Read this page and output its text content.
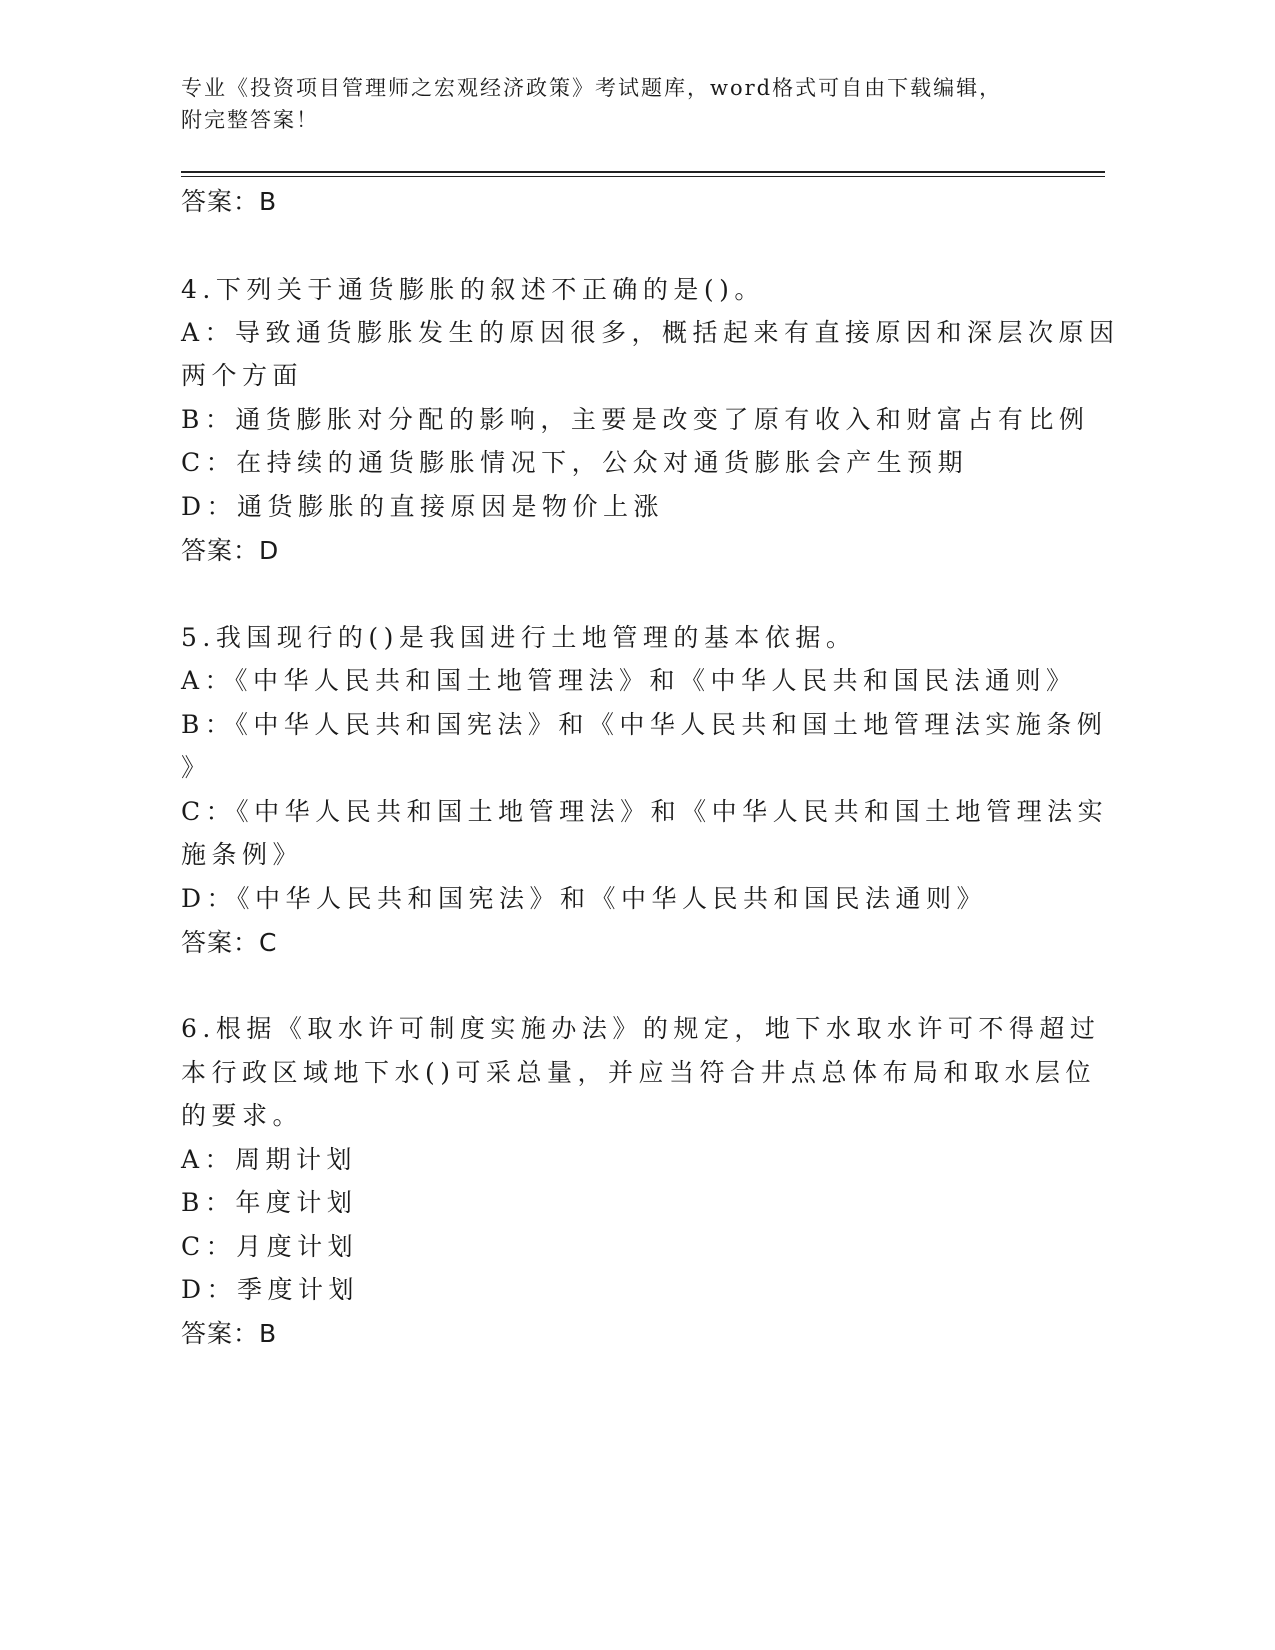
专业《投资项目管理师之宏观经济政策》考试题库，word格式可自由下载编辑，
附完整答案！
答案：B
4.下列关于通货膨胀的叙述不正确的是()。
A：导致通货膨胀发生的原因很多，概括起来有直接原因和深层次原因
两个方面
B：通货膨胀对分配的影响，主要是改变了原有收入和财富占有比例
C：在持续的通货膨胀情况下，公众对通货膨胀会产生预期
D：通货膨胀的直接原因是物价上涨
答案：D
5.我国现行的()是我国进行土地管理的基本依据。
A：《中华人民共和国土地管理法》和《中华人民共和国民法通则》
B：《中华人民共和国宪法》和《中华人民共和国土地管理法实施条例
》
C：《中华人民共和国土地管理法》和《中华人民共和国土地管理法实
施条例》
D：《中华人民共和国宪法》和《中华人民共和国民法通则》
答案：C
6.根据《取水许可制度实施办法》的规定，地下水取水许可不得超过
本行政区域地下水()可采总量，并应当符合井点总体布局和取水层位
的要求。
A：周期计划
B：年度计划
C：月度计划
D：季度计划
答案：B
